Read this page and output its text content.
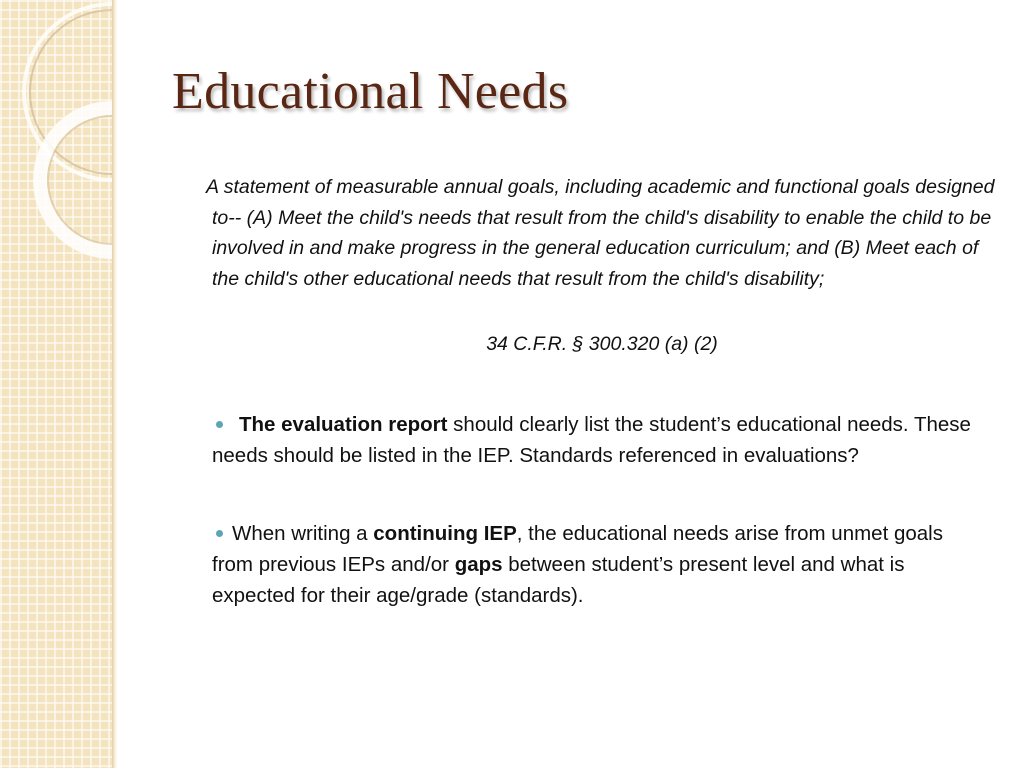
Educational Needs
A statement of measurable annual goals, including academic and functional goals designed to-- (A) Meet the child's needs that result from the child's disability to enable the child to be involved in and make progress in the general education curriculum; and (B) Meet each of the child's other educational needs that result from the child's disability;
34 C.F.R. § 300.320 (a) (2)
The evaluation report should clearly list the student’s educational needs. These needs should be listed in the IEP. Standards referenced in evaluations?
When writing a continuing IEP, the educational needs arise from unmet goals from previous IEPs and/or gaps between student’s present level and what is expected for their age/grade (standards).
